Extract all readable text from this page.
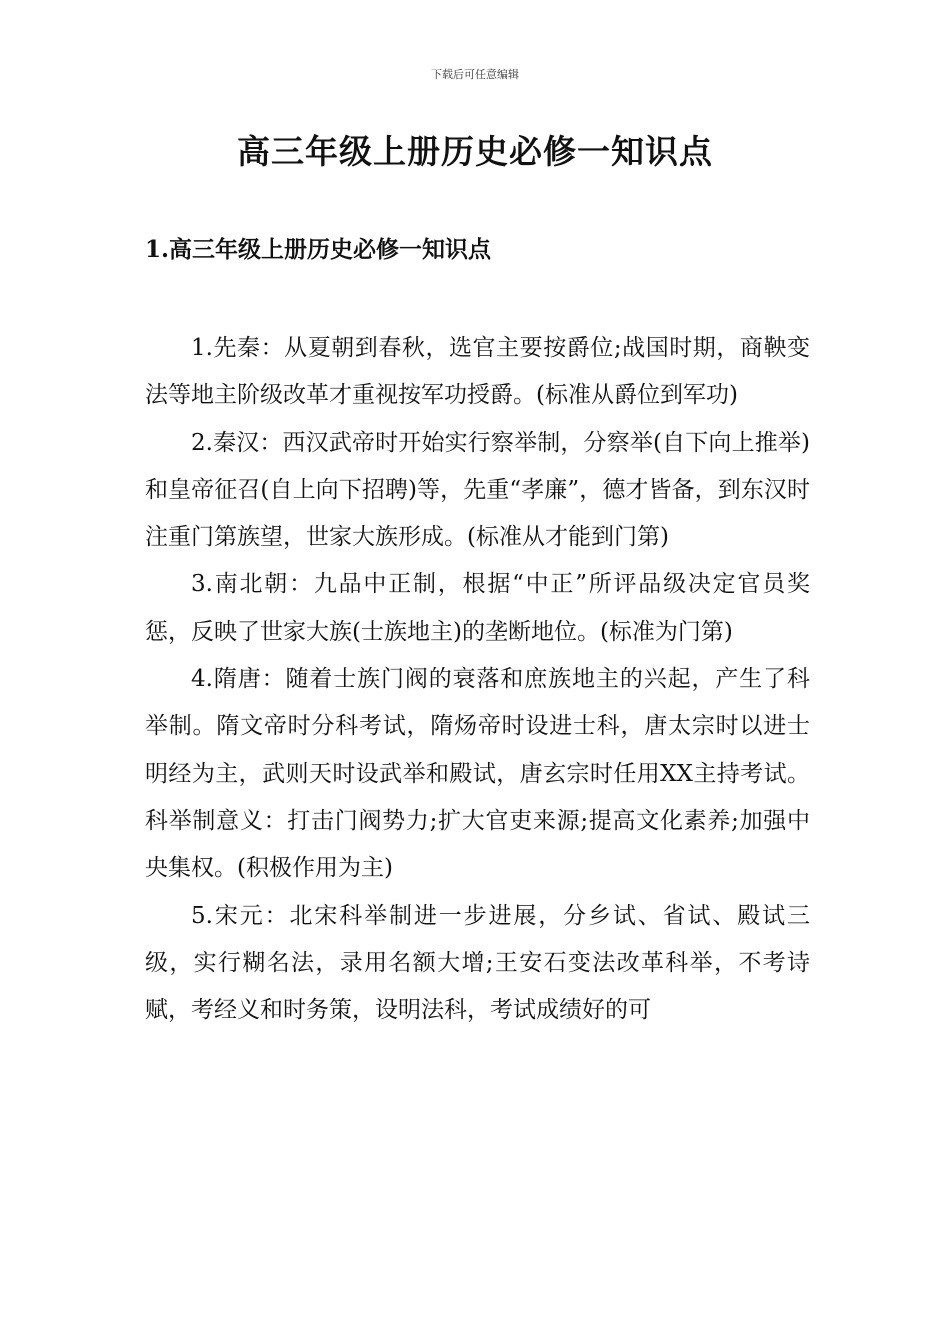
下载后可任意编辑
高三年级上册历史必修一知识点
1.高三年级上册历史必修一知识点

1.先秦：从夏朝到春秋，选官主要按爵位;战国时期，商鞅变法等地主阶级改革才重视按军功授爵。(标准从爵位到军功)

2.秦汉：西汉武帝时开始实行察举制，分察举(自下向上推举)和皇帝征召(自上向下招聘)等，先重“孝廉”，德才皆备，到东汉时注重门第族望，世家大族形成。(标准从才能到门第)

3.南北朝：九品中正制，根据“中正”所评品级决定官员奖惩，反映了世家大族(士族地主)的垄断地位。(标准为门第)

4.隋唐：随着士族门阀的衰落和庶族地主的兴起，产生了科举制。隋文帝时分科考试，隋炀帝时设进士科，唐太宗时以进士明经为主，武则天时设武举和殿试，唐玄宗时任用XX主持考试。科举制意义：打击门阀势力;扩大官吏来源;提高文化素养;加强中央集权。(积极作用为主)

5.宋元：北宋科举制进一步进展，分乡试、省试、殿试三级，实行糊名法，录用名额大增;王安石变法改革科举，不考诗赋，考经义和时务策，设明法科，考试成绩好的可
